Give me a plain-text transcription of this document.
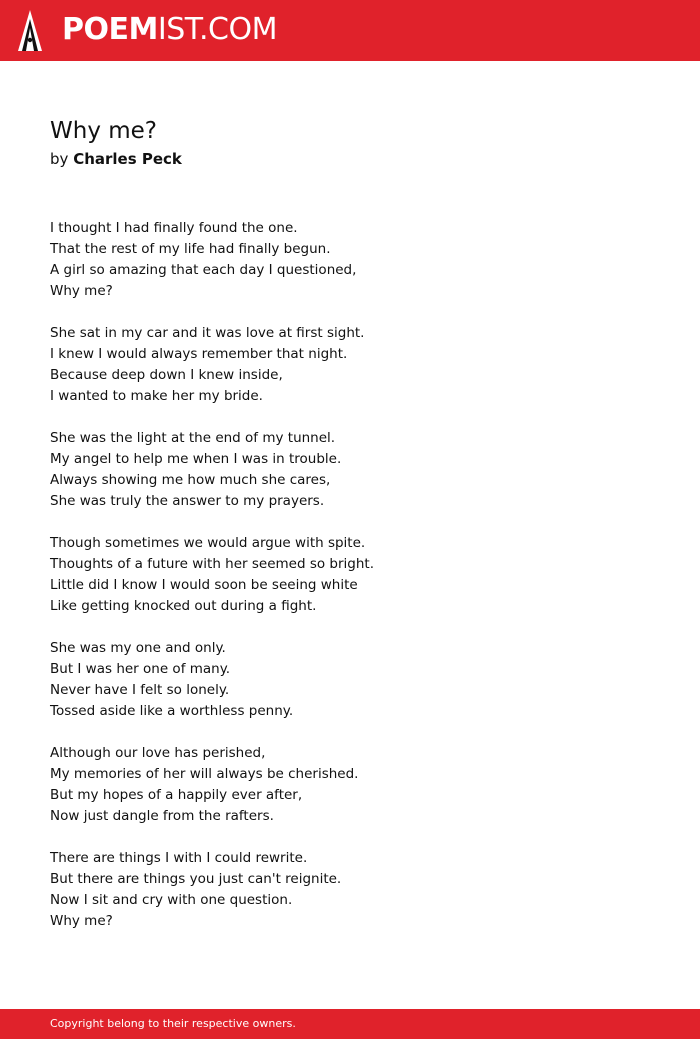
POEMIST.COM
Why me?
by Charles Peck
I thought I had finally found the one.
That the rest of my life had finally begun.
A girl so amazing that each day I questioned,
Why me?
She sat in my car and it was love at first sight.
I knew I would always remember that night.
Because deep down I knew inside,
I wanted to make her my bride.
She was the light at the end of my tunnel.
My angel to help me when I was in trouble.
Always showing me how much she cares,
She was truly the answer to my prayers.
Though sometimes we would argue with spite.
Thoughts of a future with her seemed so bright.
Little did I know I would soon be seeing white
Like getting knocked out during a fight.
She was my one and only.
But I was her one of many.
Never have I felt so lonely.
Tossed aside like a worthless penny.
Although our love has perished,
My memories of her will always be cherished.
But my hopes of a happily ever after,
Now just dangle from the rafters.
There are things I with I could rewrite.
But there are things you just can't reignite.
Now I sit and cry with one question.
Why me?
Copyright belong to their respective owners.
